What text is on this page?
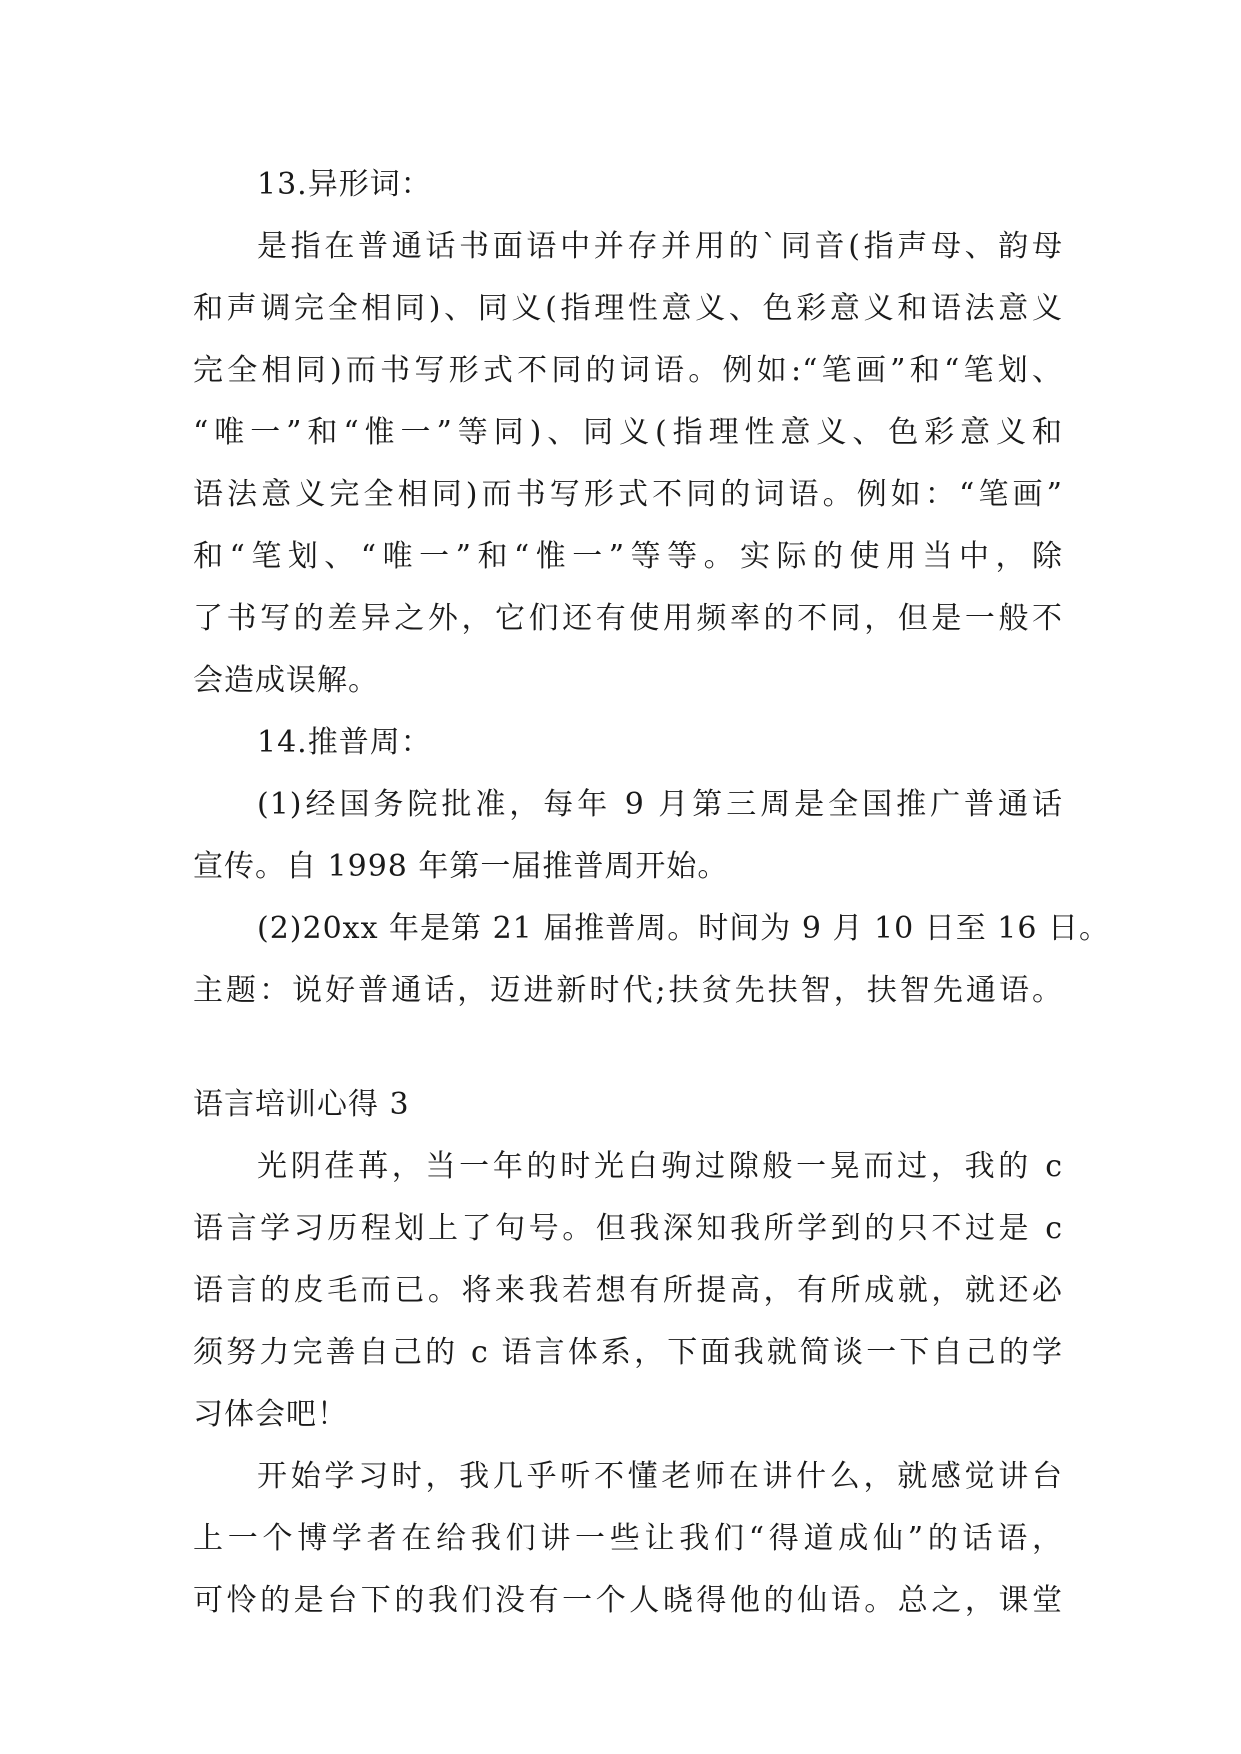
13.异形词：
是指在普通话书面语中并存并用的`同音(指声母、韵母
和声调完全相同)、同义(指理性意义、色彩意义和语法意义
完全相同)而书写形式不同的词语。例如:“笔画”和“笔划、
“唯一”和“惟一”等同)、同义(指理性意义、色彩意义和
语法意义完全相同)而书写形式不同的词语。例如：“笔画”
和“笔划、“唯一”和“惟一”等等。实际的使用当中，除
了书写的差异之外，它们还有使用频率的不同，但是一般不
会造成误解。
14.推普周：
(1)经国务院批准，每年 9 月第三周是全国推广普通话
宣传。自 1998 年第一届推普周开始。
(2)20xx 年是第 21 届推普周。时间为 9 月 10 日至 16 日。
主题：说好普通话，迈进新时代;扶贫先扶智，扶智先通语。
语言培训心得 3
光阴荏苒，当一年的时光白驹过隙般一晃而过，我的 c
语言学习历程划上了句号。但我深知我所学到的只不过是 c
语言的皮毛而已。将来我若想有所提高，有所成就，就还必
须努力完善自己的 c 语言体系，下面我就简谈一下自己的学
习体会吧！
开始学习时，我几乎听不懂老师在讲什么，就感觉讲台
上一个博学者在给我们讲一些让我们“得道成仙”的话语，
可怜的是台下的我们没有一个人晓得他的仙语。总之，课堂
